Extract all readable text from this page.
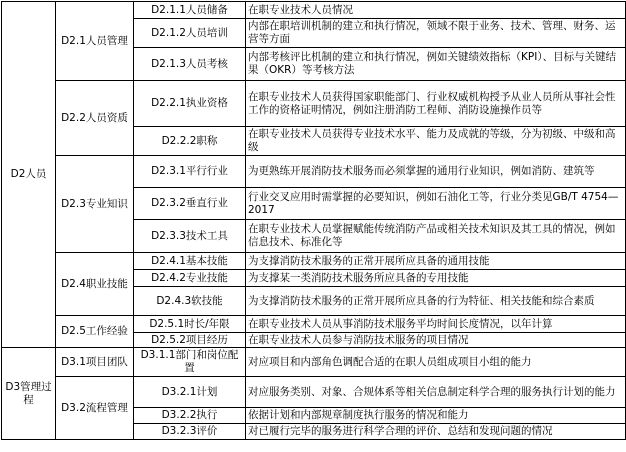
D2人员	D2.1人员管理	D2.1.1人员储备	在职专业技术人员情况
		D2.1.2人员培训	内部在职培训机制的建立和执行情况，领域不限于业务、技术、管理、财务、运营等方面
		D2.1.3人员考核	内部考核评比机制的建立和执行情况，例如关键绩效指标（KPI）、目标与关键结果（OKR）等考核方法
	D2.2人员资质	D2.2.1执业资格	在职专业技术人员获得国家职能部门、行业权威机构授予从业人员所从事社会性工作的资格证明情况，例如注册消防工程师、消防设施操作员等
		D2.2.2职称	在职专业技术人员获得专业技术水平、能力及成就的等级，分为初级、中级和高级
	D2.3专业知识	D2.3.1平行行业	为更熟练开展消防技术服务而必须掌握的通用行业知识，例如消防、建筑等
		D2.3.2垂直行业	行业交叉应用时需掌握的必要知识，例如石油化工等，行业分类见GB/T 4754—2017
		D2.3.3技术工具	在职专业技术人员掌握赋能传统消防产品或相关技术知识及其工具的情况，例如信息技术、标准化等
	D2.4职业技能	D2.4.1基本技能	为支撑消防技术服务的正常开展所应具备的通用技能
		D2.4.2专业技能	为支撑某一类消防技术服务所应具备的专用技能
		D2.4.3软技能	为支撑消防技术服务的正常开展所应具备的行为特征、相关技能和综合素质
	D2.5工作经验	D2.5.1时长/年限	在职专业技术人员从事消防技术服务平均时间长度情况，以年计算
		D2.5.2项目经历	在职专业技术人员参与消防技术服务的项目情况
D3管理过程	D3.1项目团队	D3.1.1部门和岗位配置	对应项目和内部角色调配合适的在职人员组成项目小组的能力
	D3.2流程管理	D3.2.1计划	对应服务类别、对象、合规体系等相关信息制定科学合理的服务执行计划的能力
		D3.2.2执行	依据计划和内部规章制度执行服务的情况和能力
		D3.2.3评价	对已履行完毕的服务进行科学合理的评价、总结和发现问题的情况
